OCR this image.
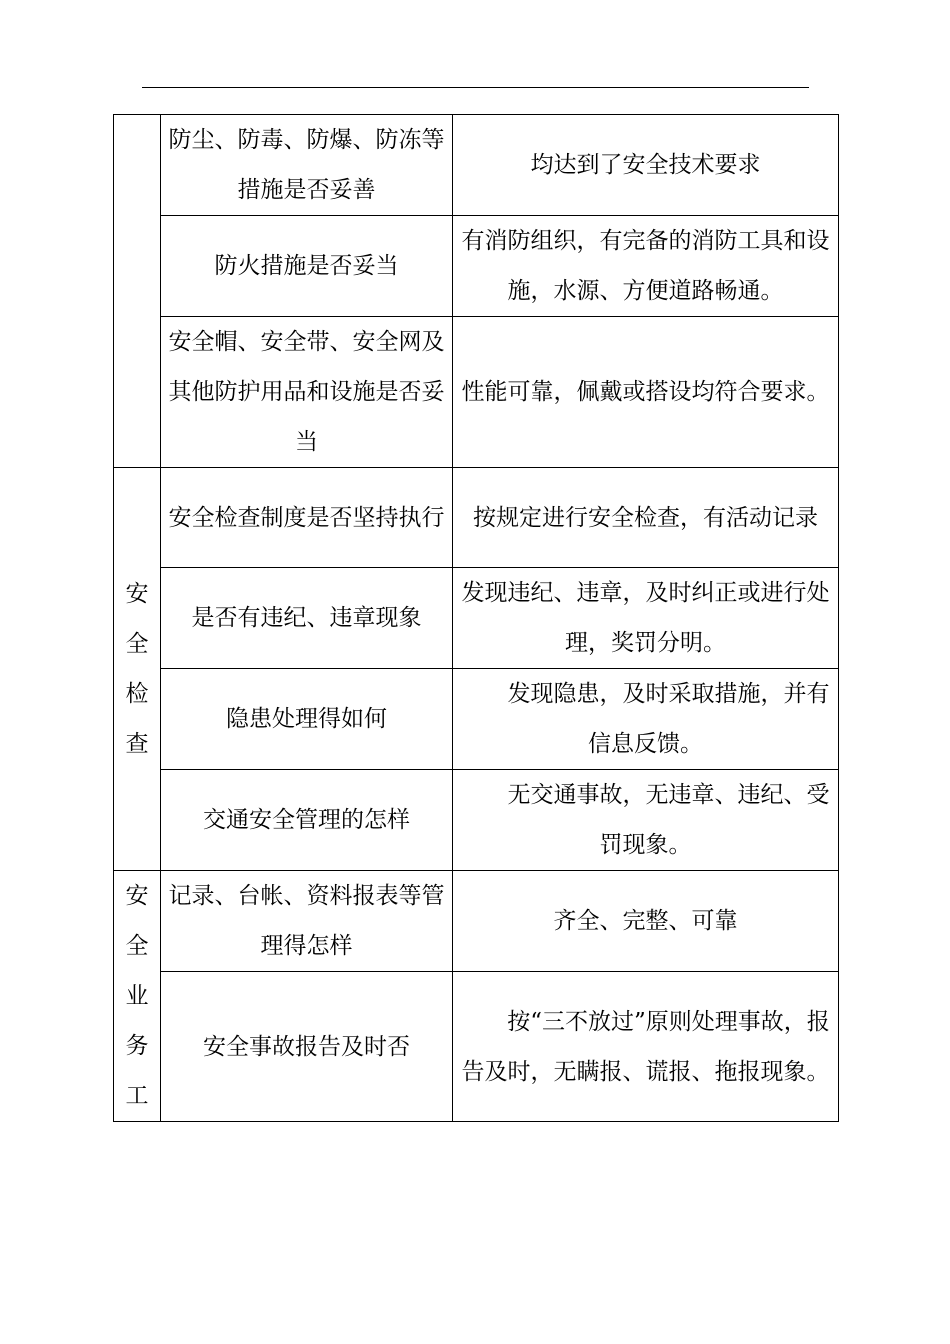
	防尘、防毒、防爆、防冻等措施是否妥善	均达到了安全技术要求
	防火措施是否妥当	有消防组织，有完备的消防工具和设施，水源、方便道路畅通。
	安全帽、安全带、安全网及其他防护用品和设施是否妥当	性能可靠，佩戴或搭设均符合要求。
安全检查	安全检查制度是否坚持执行	按规定进行安全检查，有活动记录
	是否有违纪、违章现象	发现违纪、违章，及时纠正或进行处理，奖罚分明。
	隐患处理得如何	发现隐患，及时采取措施，并有信息反馈。
	交通安全管理的怎样	无交通事故，无违章、违纪、受罚现象。
安全业务工	记录、台帐、资料报表等管理得怎样	齐全、完整、可靠
	安全事故报告及时否	按“三不放过”原则处理事故，报告及时，无瞒报、谎报、拖报现象。
